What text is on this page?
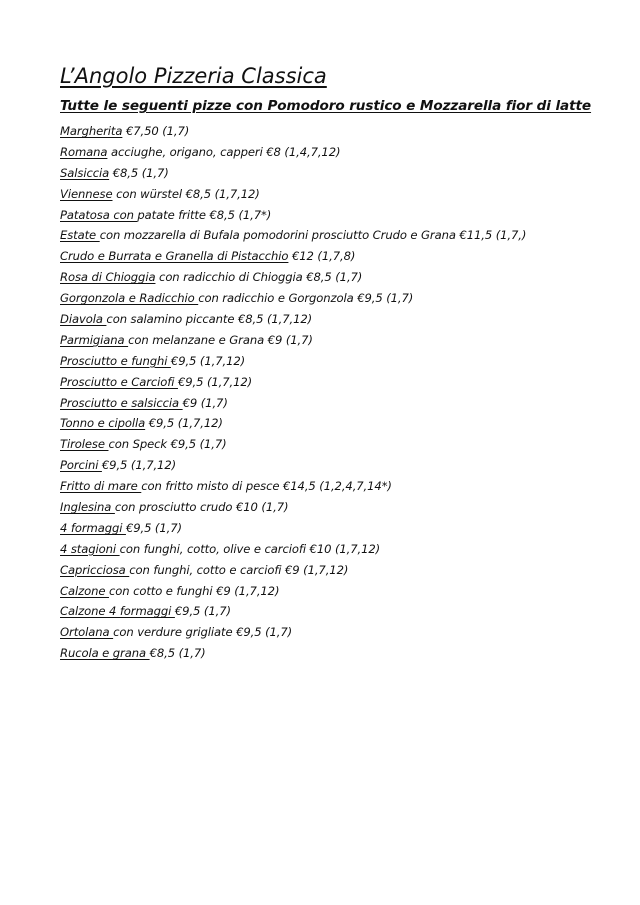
L’Angolo Pizzeria Classica
Tutte le seguenti pizze con Pomodoro rustico e Mozzarella fior di latte
Margherita €7,50 (1,7)
Romana acciughe, origano, capperi €8 (1,4,7,12)
Salsiccia €8,5 (1,7)
Viennese con würstel €8,5 (1,7,12)
Patatosa con patate fritte €8,5 (1,7*)
Estate con mozzarella di Bufala pomodorini prosciutto Crudo e Grana €11,5 (1,7,)
Crudo e Burrata e Granella di Pistacchio €12 (1,7,8)
Rosa di Chioggia con radicchio di Chioggia €8,5 (1,7)
Gorgonzola e Radicchio con radicchio e Gorgonzola €9,5 (1,7)
Diavola con salamino piccante €8,5 (1,7,12)
Parmigiana con melanzane e Grana €9 (1,7)
Prosciutto e funghi €9,5 (1,7,12)
Prosciutto e Carciofi €9,5 (1,7,12)
Prosciutto e salsiccia €9 (1,7)
Tonno e cipolla €9,5 (1,7,12)
Tirolese con Speck €9,5 (1,7)
Porcini €9,5 (1,7,12)
Fritto di mare con fritto misto di pesce €14,5 (1,2,4,7,14*)
Inglesina con prosciutto crudo €10 (1,7)
4 formaggi €9,5 (1,7)
4 stagioni con funghi, cotto, olive e carciofi €10 (1,7,12)
Capricciosa con funghi, cotto e carciofi €9 (1,7,12)
Calzone con cotto e funghi €9 (1,7,12)
Calzone 4 formaggi €9,5 (1,7)
Ortolana con verdure grigliate €9,5 (1,7)
Rucola e grana €8,5 (1,7)
